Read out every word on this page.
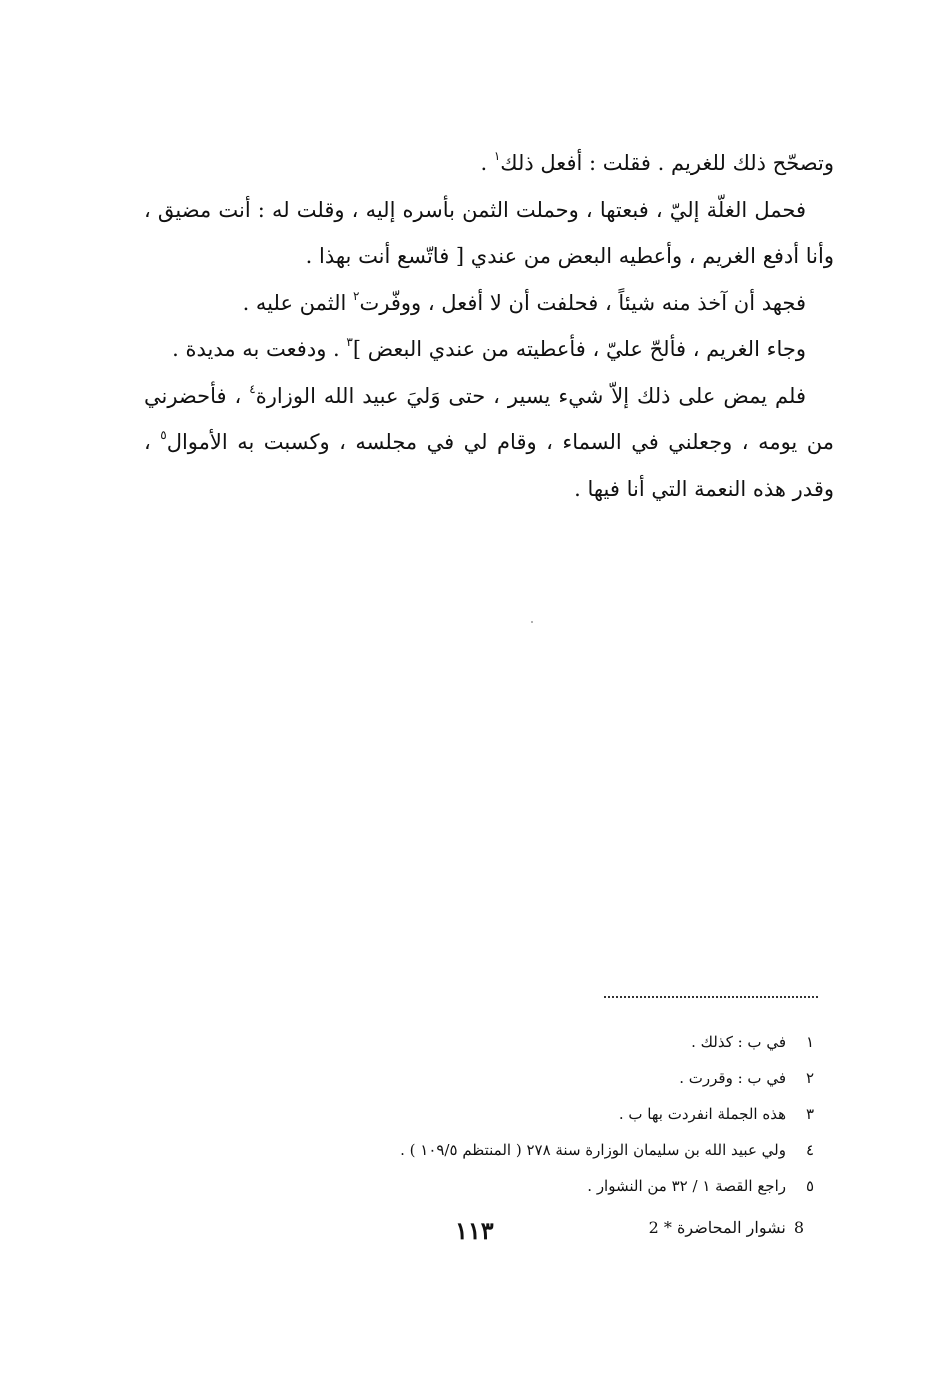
وتصحّح ذلك للغريم . فقلت : أفعل ذلك$^١$ .

فحمل الغلّة إليّ ، فبعتها ، وحملت الثمن بأسره إليه ، وقلت له : أنت مضيق ، وأنا أدفع الغريم ، وأعطيه البعض من عندي [ فاتّسع أنت بهذا .

فجهد أن آخذ منه شيئاً ، فحلفت أن لا أفعل ، ووفّرت$^٢$ الثمن عليه .

وجاء الغريم ، فألحّ عليّ ، فأعطيته من عندي البعض ]$^٣$ . ودفعت به مديدة .

فلم يمض على ذلك إلاّ شيء يسير ، حتى وَليَ عبيد الله الوزارة$^٤$ ، فأحضرني من يومه ، وجعلني في السماء ، وقام لي في مجلسه ، وكسبت به الأموال$^٥$ ، وقدر هذه النعمة التي أنا فيها .

١
في ب : كذلك .
٢
في ب : وقررت .
٣
هذه الجملة انفردت بها ب .
٤
ولي عبيد الله بن سليمان الوزارة سنة ٢٧٨ ( المنتظم ١٠٩/٥ ) .
٥
راجع القصة ١ / ٣٢ من النشوار .
8نشوار المحاضرة * 2
١١٣
